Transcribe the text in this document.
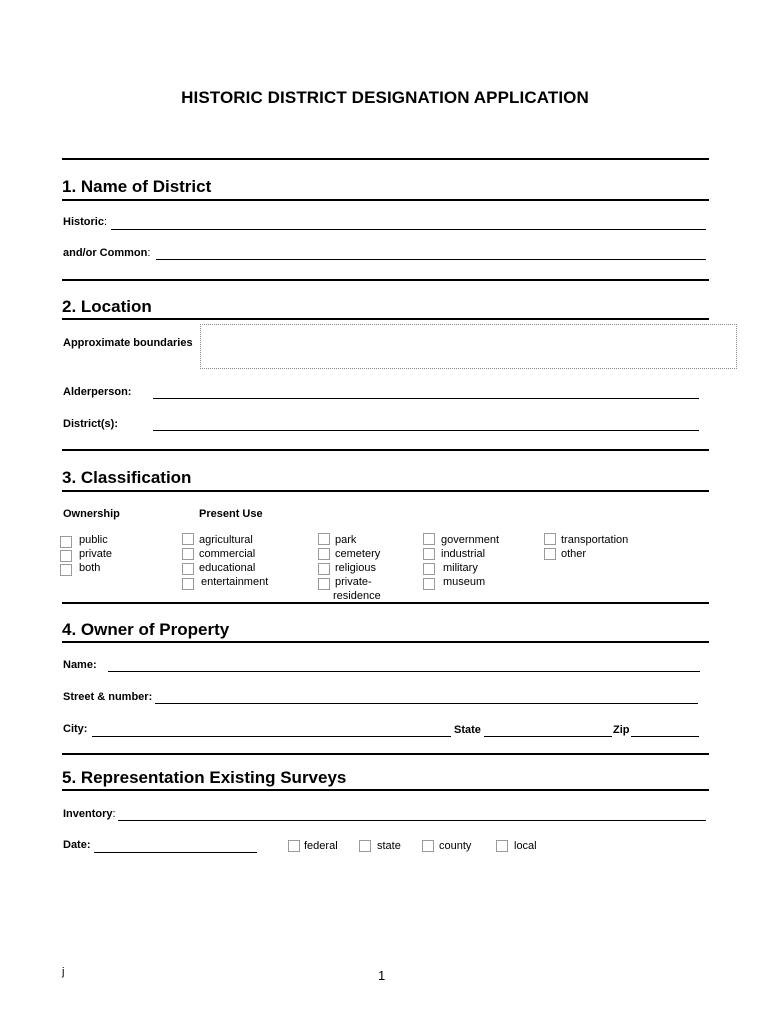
HISTORIC DISTRICT DESIGNATION APPLICATION
1. Name of District
Historic:
and/or Common:
2. Location
Approximate boundaries
Alderperson:
District(s):
3. Classification
Ownership	Present Use
public
private
both
agricultural
commercial
educational
entertainment
park
cemetery
religious
private-
residence
government
industrial
military
museum
transportation
other
4. Owner of Property
Name:
Street & number:
City:	State	Zip
5. Representation Existing Surveys
Inventory:
Date:	federal	state	county	local
j	1
